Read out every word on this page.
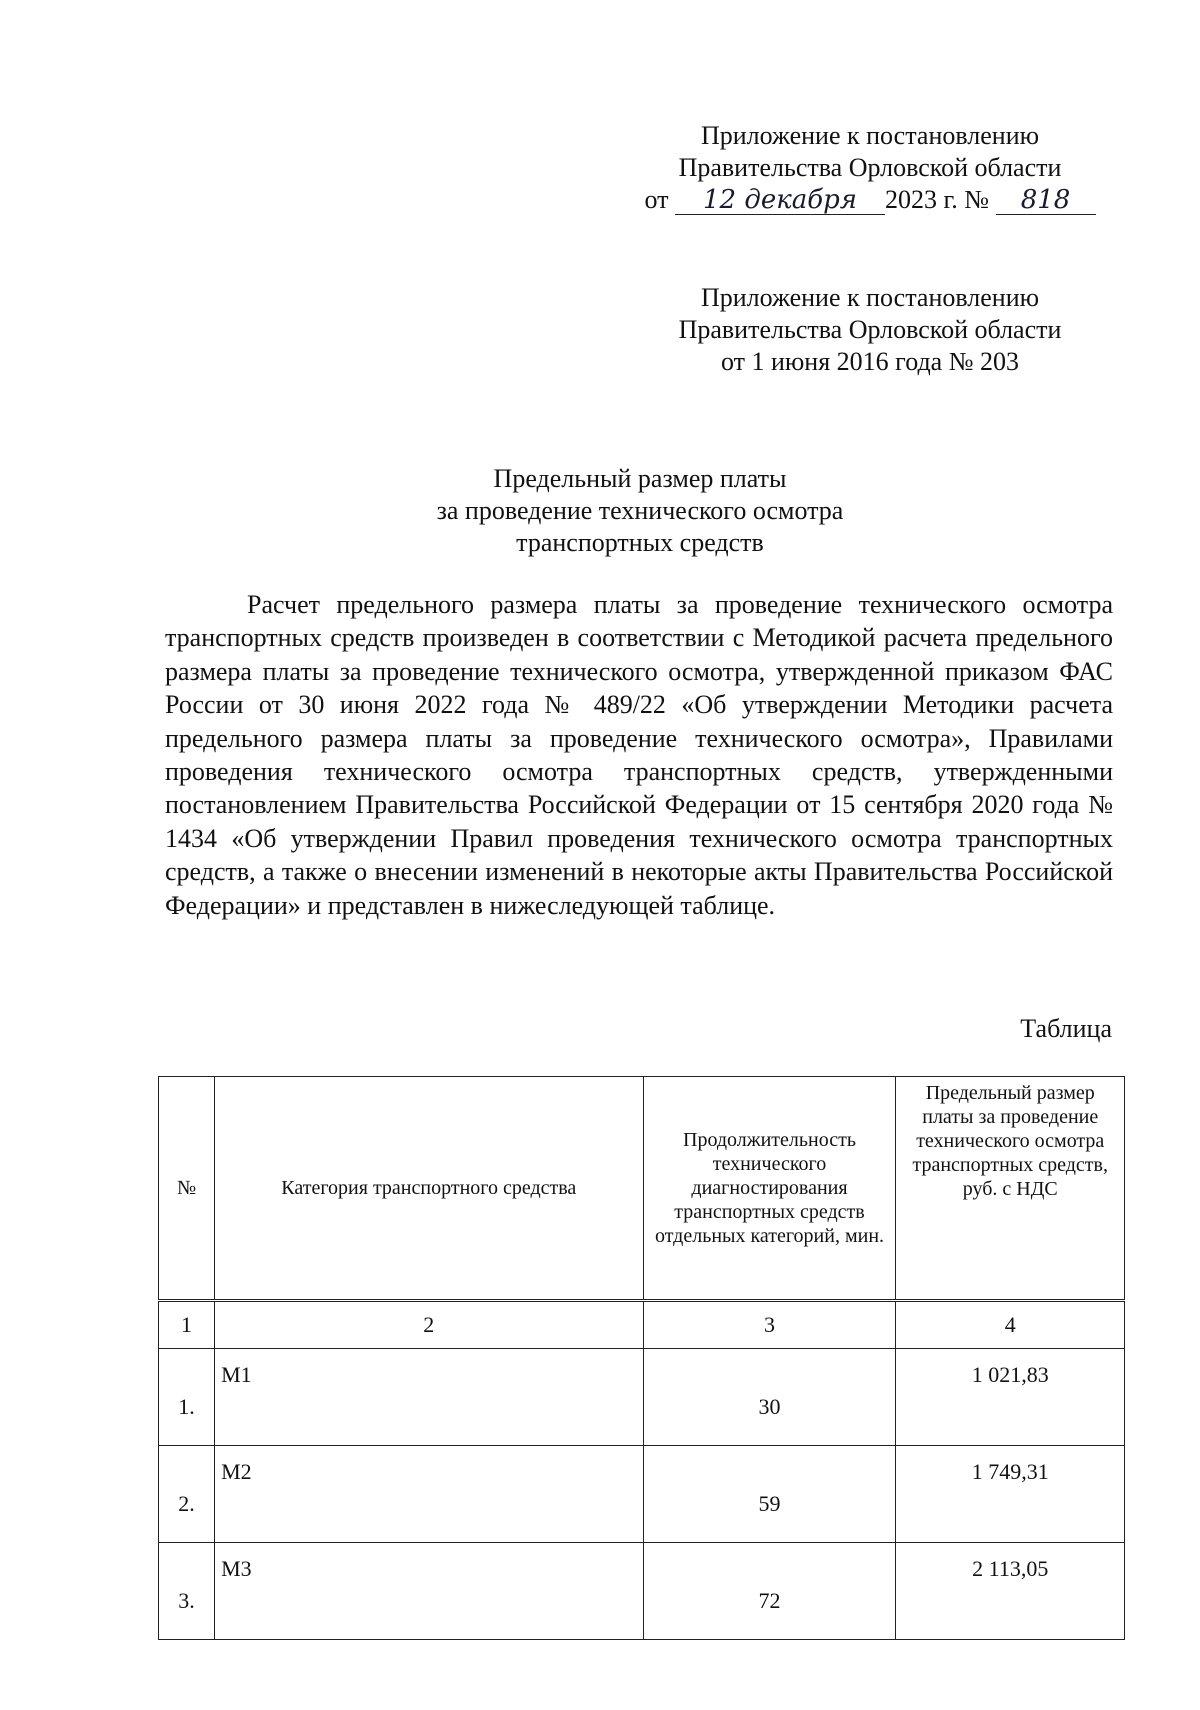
Приложение к постановлению
Правительства Орловской области
от 12 декабря 2023 г. № 818
Приложение к постановлению
Правительства Орловской области
от 1 июня 2016 года № 203
Предельный размер платы
за проведение технического осмотра
транспортных средств

Расчет предельного размера платы за проведение технического осмотра транспортных средств произведен в соответствии с Методикой расчета предельного размера платы за проведение технического осмотра, утвержденной приказом ФАС России от 30 июня 2022 года № 489/22 «Об утверждении Методики расчета предельного размера платы за проведение технического осмотра», Правилами проведения технического осмотра транспортных средств, утвержденными постановлением Правительства Российской Федерации от 15 сентября 2020 года № 1434 «Об утверждении Правил проведения технического осмотра транспортных средств, а также о внесении изменений в некоторые акты Правительства Российской Федерации» и представлен в нижеследующей таблице.

Таблица
№	Категория транспортного средства	Продолжительность технического диагностирования транспортных средств отдельных категорий, мин.	Предельный размер платы за проведение технического осмотра транспортных средств, руб. с НДС
1	2	3	4
1.	M1	30	1 021,83
2.	M2	59	1 749,31
3.	M3	72	2 113,05
